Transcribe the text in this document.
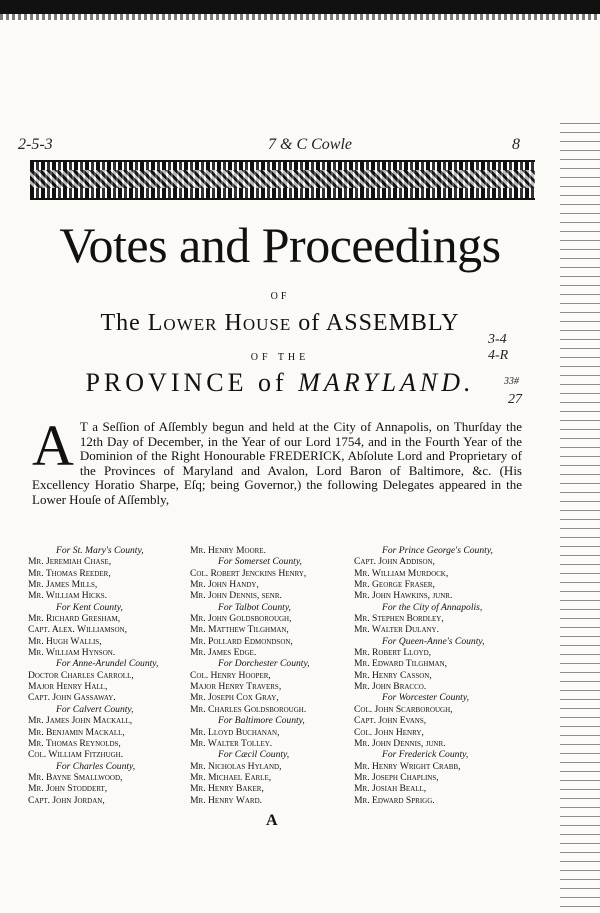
2-5-3	7 & C Cowle	8
Votes and Proceedings
OF
The Lower House of ASSEMBLY
OF THE
PROVINCE of MARYLAND.
3-4
4-R
33#
27
A T a Seſſion of Aſſembly begun and held at the City of Annapolis, on Thurſday the 12th Day of December, in the Year of our Lord 1754, and in the Fourth Year of the Dominion of the Right Honourable FREDERICK, Abſolute Lord and Proprietary of the Provinces of Maryland and Avalon, Lord Baron of Baltimore, &c. (His Excellency Horatio Sharpe, Eſq; being Governor,) the following Delegates appeared in the Lower Houſe of Aſſembly,
For St. Mary's County,
Mr. Jeremiah Chase,
Mr. Thomas Reeder,
Mr. James Mills,
Mr. William Hicks.
For Kent County,
Mr. Richard Gresham,
Capt. Alex. Williamson,
Mr. Hugh Wallis,
Mr. William Hynson.
For Anne-Arundel County,
Doctor Charles Carroll,
Major Henry Hall,
Capt. John Gassaway.
For Calvert County,
Mr. James John Mackall,
Mr. Benjamin Mackall,
Mr. Thomas Reynolds,
Col. William Fitzhugh.
For Charles County,
Mr. Bayne Smallwood,
Mr. John Stoddert,
Capt. John Jordan,
Mr. Henry Moore.
For Somerset County,
Col. Robert Jenckins Henry,
Mr. John Handy,
Mr. John Dennis, senr.
For Talbot County,
Mr. John Goldsborough,
Mr. Matthew Tilghman,
Mr. Pollard Edmondson,
Mr. James Edge.
For Dorchester County,
Col. Henry Hooper,
Major Henry Travers,
Mr. Joseph Cox Gray,
Mr. Charles Goldsborough.
For Baltimore County,
Mr. Lloyd Buchanan,
Mr. Walter Tolley.
For Cæcil County,
Mr. Nicholas Hyland,
Mr. Michael Earle,
Mr. Henry Baker,
Mr. Henry Ward.
For Prince George's County,
Capt. John Addison,
Mr. William Murdock,
Mr. George Fraser,
Mr. John Hawkins, junr.
For the City of Annapolis,
Mr. Stephen Bordley,
Mr. Walter Dulany.
For Queen-Anne's County,
Mr. Robert Lloyd,
Mr. Edward Tilghman,
Mr. Henry Casson,
Mr. John Bracco.
For Worcester County,
Col. John Scarborough,
Capt. John Evans,
Col. John Henry,
Mr. John Dennis, junr.
For Frederick County,
Mr. Henry Wright Crabb,
Mr. Joseph Chaplins,
Mr. Josiah Beall,
Mr. Edward Sprigg.
A
